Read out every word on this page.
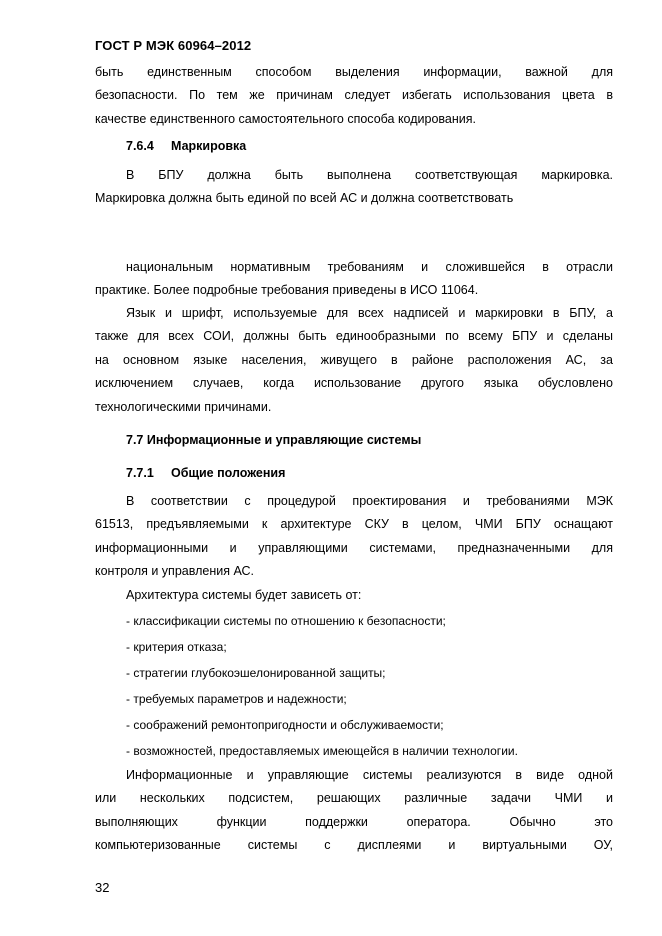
ГОСТ Р МЭК 60964–2012

быть единственным способом выделения информации, важной для

безопасности. По тем же причинам следует избегать использования цвета в

качестве единственного самостоятельного способа кодирования.

7.6.4 Маркировка

В БПУ должна быть выполнена соответствующая маркировка.

Маркировка должна быть единой по всей АС и должна соответствовать

национальным нормативным требованиям и сложившейся в отрасли

практике. Более подробные требования приведены в ИСО 11064.

Язык и шрифт, используемые для всех надписей и маркировки в БПУ, а

также для всех СОИ, должны быть единообразными по всему БПУ и сделаны

на основном языке населения, живущего в районе расположения АС, за

исключением случаев, когда использование другого языка обусловлено

технологическими причинами.

7.7 Информационные и управляющие системы
7.7.1 Общие положения

В соответствии с процедурой проектирования и требованиями МЭК

61513, предъявляемыми к архитектуре СКУ в целом, ЧМИ БПУ оснащают

информационными и управляющими системами, предназначенными для

контроля и управления АС.

Архитектура системы будет зависеть от:

- классификации системы по отношению к безопасности;
- критерия отказа;
- стратегии глубокоэшелонированной защиты;
- требуемых параметров и надежности;
- соображений ремонтопригодности и обслуживаемости;
- возможностей, предоставляемых имеющейся в наличии технологии.

Информационные и управляющие системы реализуются в виде одной

или нескольких подсистем, решающих различные задачи ЧМИ и

выполняющих функции поддержки оператора. Обычно это

компьютеризованные системы с дисплеями и виртуальными ОУ,

32
